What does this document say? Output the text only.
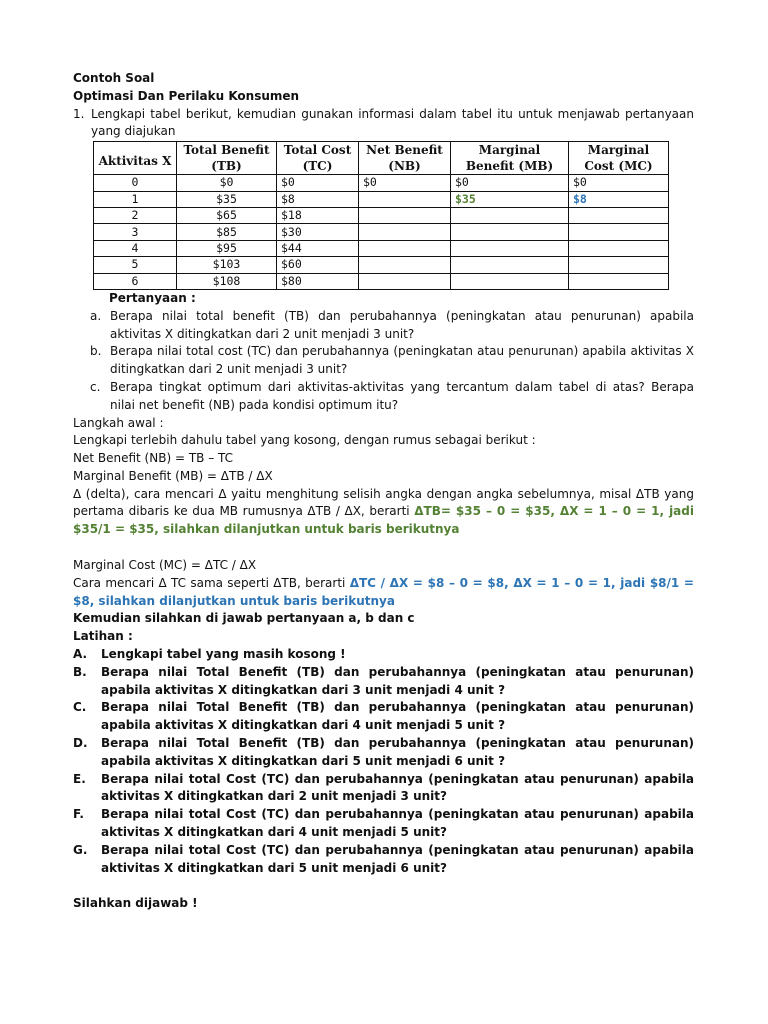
Contoh Soal
Optimasi Dan Perilaku Konsumen
1. Lengkapi tabel berikut, kemudian gunakan informasi dalam tabel itu untuk menjawab pertanyaan yang diajukan
Aktivitas X	Total Benefit (TB)	Total Cost (TC)	Net Benefit (NB)	Marginal Benefit (MB)	Marginal Cost (MC)
0	$0	$0	$0	$0	$0
1	$35	$8		$35	$8
2	$65	$18			
3	$85	$30			
4	$95	$44			
5	$103	$60			
6	$108	$80			
Pertanyaan :
a. Berapa nilai total benefit (TB) dan perubahannya (peningkatan atau penurunan) apabila aktivitas X ditingkatkan dari 2 unit menjadi 3 unit?
b. Berapa nilai total cost (TC) dan perubahannya (peningkatan atau penurunan) apabila aktivitas X ditingkatkan dari 2 unit menjadi 3 unit?
c. Berapa tingkat optimum dari aktivitas-aktivitas yang tercantum dalam tabel di atas? Berapa nilai net benefit (NB) pada kondisi optimum itu?
Langkah awal :
Lengkapi terlebih dahulu tabel yang kosong, dengan rumus sebagai berikut :
Net Benefit (NB) = TB – TC
Marginal Benefit (MB) = ΔTB / ΔX
Δ (delta), cara mencari Δ yaitu menghitung selisih angka dengan angka sebelumnya, misal ΔTB yang pertama dibaris ke dua MB rumusnya ΔTB / ΔX, berarti ΔTB= $35 – 0 = $35, ΔX = 1 – 0 = 1, jadi $35/1 = $35, silahkan dilanjutkan untuk baris berikutnya
Marginal Cost (MC) = ΔTC / ΔX
Cara mencari Δ TC sama seperti ΔTB, berarti ΔTC / ΔX = $8 – 0 = $8, ΔX = 1 – 0 = 1, jadi $8/1 = $8, silahkan dilanjutkan untuk baris berikutnya
Kemudian silahkan di jawab pertanyaan a, b dan c
Latihan :
A.	Lengkapi tabel yang masih kosong !
B.	Berapa nilai Total Benefit (TB) dan perubahannya (peningkatan atau penurunan) apabila aktivitas X ditingkatkan dari 3 unit menjadi 4 unit ?
C.	Berapa nilai Total Benefit (TB) dan perubahannya (peningkatan atau penurunan) apabila aktivitas X ditingkatkan dari 4 unit menjadi 5 unit ?
D.	Berapa nilai Total Benefit (TB) dan perubahannya (peningkatan atau penurunan) apabila aktivitas X ditingkatkan dari 5 unit menjadi 6 unit ?
E.	Berapa nilai total Cost (TC) dan perubahannya (peningkatan atau penurunan) apabila aktivitas X ditingkatkan dari 2 unit menjadi 3 unit?
F.	Berapa nilai total Cost (TC) dan perubahannya (peningkatan atau penurunan) apabila aktivitas X ditingkatkan dari 4 unit menjadi 5 unit?
G.	Berapa nilai total Cost (TC) dan perubahannya (peningkatan atau penurunan) apabila aktivitas X ditingkatkan dari 5 unit menjadi 6 unit?
Silahkan dijawab !
